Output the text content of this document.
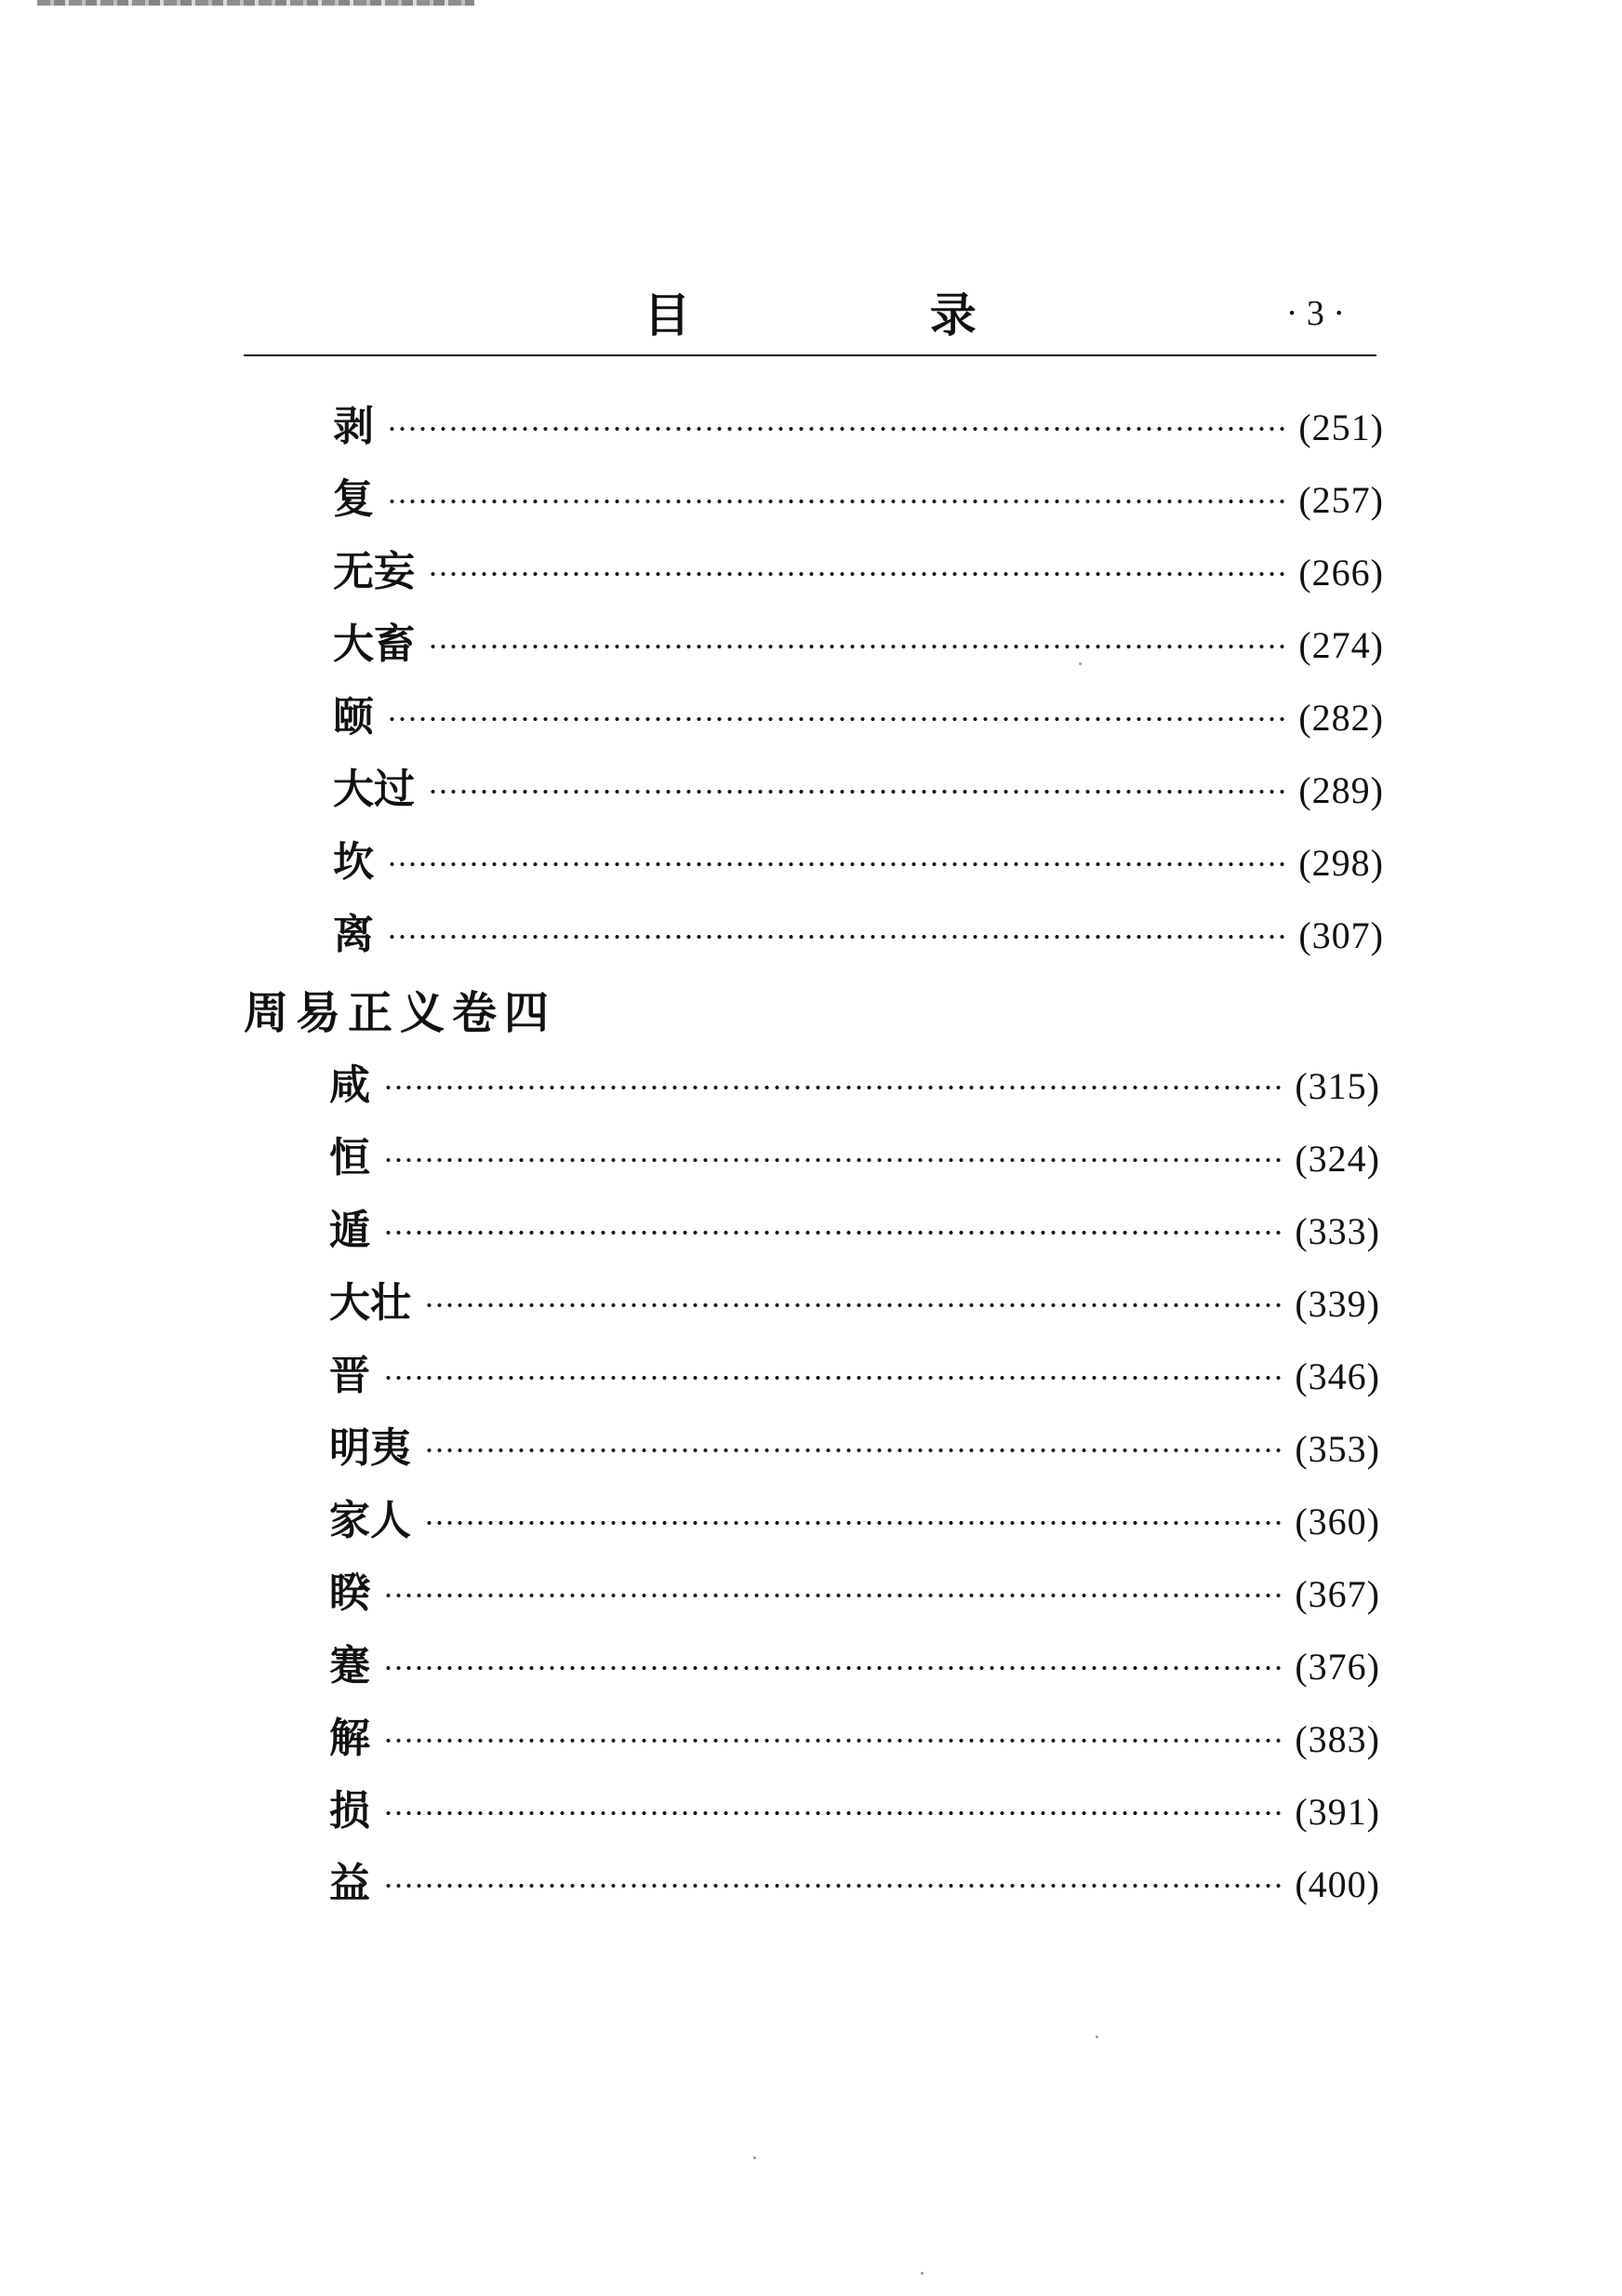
目 录	· 3 ·
剥	(251)
复	(257)
无妄	(266)
大畜	(274)
颐	(282)
大过	(289)
坎	(298)
离	(307)
周易正义卷四
咸	(315)
恒	(324)
遁	(333)
大壮	(339)
晋	(346)
明夷	(353)
家人	(360)
睽	(367)
蹇	(376)
解	(383)
损	(391)
益	(400)
